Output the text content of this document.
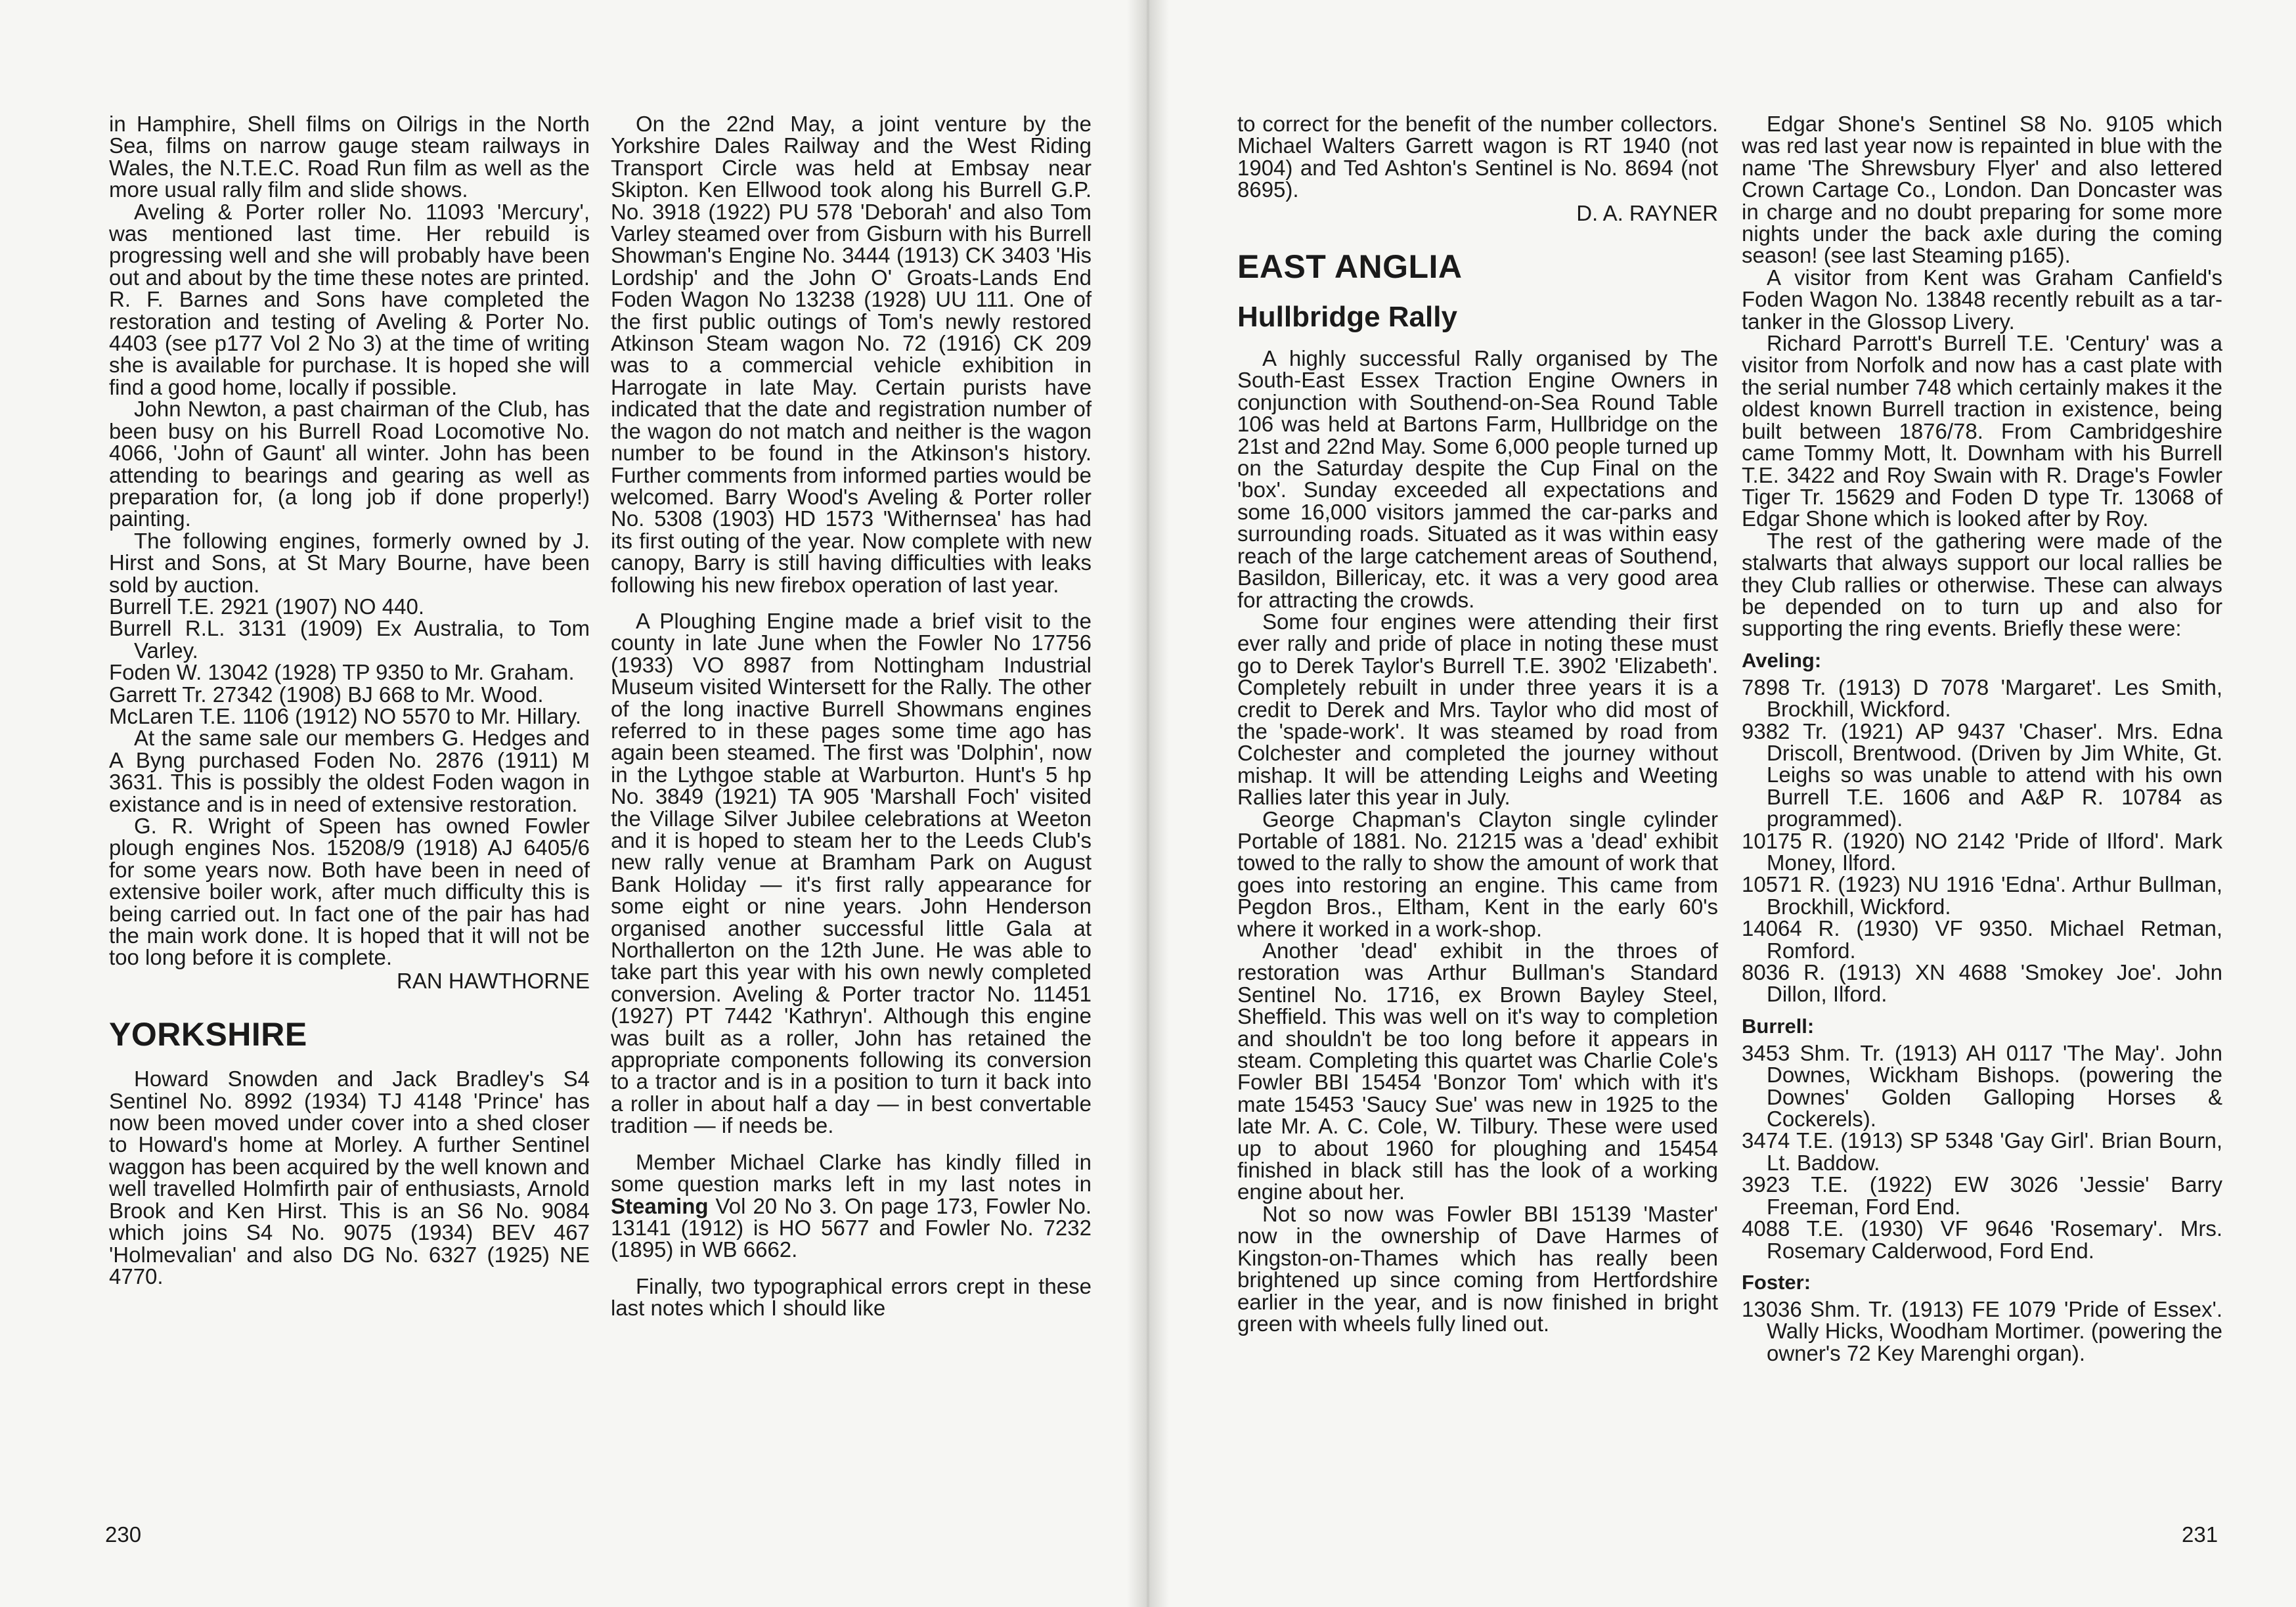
in Hamphire, Shell films on Oilrigs in the North Sea, films on narrow gauge steam railways in Wales, the N.T.E.C. Road Run film as well as the more usual rally film and slide shows.

Aveling & Porter roller No. 11093 'Mercury', was mentioned last time. Her rebuild is progressing well and she will probably have been out and about by the time these notes are printed. R. F. Barnes and Sons have completed the restoration and testing of Aveling & Porter No. 4403 (see p177 Vol 2 No 3) at the time of writing she is available for purchase. It is hoped she will find a good home, locally if possible.

John Newton, a past chairman of the Club, has been busy on his Burrell Road Locomotive No. 4066, 'John of Gaunt' all winter. John has been attending to bearings and gearing as well as preparation for, (a long job if done properly!) painting.

The following engines, formerly owned by J. Hirst and Sons, at St Mary Bourne, have been sold by auction.

Burrell T.E. 2921 (1907) NO 440.

Burrell R.L. 3131 (1909) Ex Australia, to Tom Varley.

Foden W. 13042 (1928) TP 9350 to Mr. Graham.

Garrett Tr. 27342 (1908) BJ 668 to Mr. Wood.

McLaren T.E. 1106 (1912) NO 5570 to Mr. Hillary.

At the same sale our members G. Hedges and A Byng purchased Foden No. 2876 (1911) M 3631. This is possibly the oldest Foden wagon in existance and is in need of extensive restoration.

G. R. Wright of Speen has owned Fowler plough engines Nos. 15208/9 (1918) AJ 6405/6 for some years now. Both have been in need of extensive boiler work, after much difficulty this is being carried out. In fact one of the pair has had the main work done. It is hoped that it will not be too long before it is complete.

RAN HAWTHORNE

YORKSHIRE

Howard Snowden and Jack Bradley's S4 Sentinel No. 8992 (1934) TJ 4148 'Prince' has now been moved under cover into a shed closer to Howard's home at Morley. A further Sentinel waggon has been acquired by the well known and well travelled Holmfirth pair of enthusiasts, Arnold Brook and Ken Hirst. This is an S6 No. 9084 which joins S4 No. 9075 (1934) BEV 467 'Holmevalian' and also DG No. 6327 (1925) NE 4770.

On the 22nd May, a joint venture by the Yorkshire Dales Railway and the West Riding Transport Circle was held at Embsay near Skipton. Ken Ellwood took along his Burrell G.P. No. 3918 (1922) PU 578 'Deborah' and also Tom Varley steamed over from Gisburn with his Burrell Showman's Engine No. 3444 (1913) CK 3403 'His Lordship' and the John O' Groats-Lands End Foden Wagon No 13238 (1928) UU 111. One of the first public outings of Tom's newly restored Atkinson Steam wagon No. 72 (1916) CK 209 was to a commercial vehicle exhibition in Harrogate in late May. Certain purists have indicated that the date and registration number of the wagon do not match and neither is the wagon number to be found in the Atkinson's history. Further comments from informed parties would be welcomed. Barry Wood's Aveling & Porter roller No. 5308 (1903) HD 1573 'Withernsea' has had its first outing of the year. Now complete with new canopy, Barry is still having difficulties with leaks following his new firebox operation of last year.

A Ploughing Engine made a brief visit to the county in late June when the Fowler No 17756 (1933) VO 8987 from Nottingham Industrial Museum visited Wintersett for the Rally. The other of the long inactive Burrell Showmans engines referred to in these pages some time ago has again been steamed. The first was 'Dolphin', now in the Lythgoe stable at Warburton. Hunt's 5 hp No. 3849 (1921) TA 905 'Marshall Foch' visited the Village Silver Jubilee celebrations at Weeton and it is hoped to steam her to the Leeds Club's new rally venue at Bramham Park on August Bank Holiday — it's first rally appearance for some eight or nine years. John Henderson organised another successful little Gala at Northallerton on the 12th June. He was able to take part this year with his own newly completed conversion. Aveling & Porter tractor No. 11451 (1927) PT 7442 'Kathryn'. Although this engine was built as a roller, John has retained the appropriate components following its conversion to a tractor and is in a position to turn it back into a roller in about half a day — in best convertable tradition — if needs be.

Member Michael Clarke has kindly filled in some question marks left in my last notes in Steaming Vol 20 No 3. On page 173, Fowler No. 13141 (1912) is HO 5677 and Fowler No. 7232 (1895) in WB 6662.

Finally, two typographical errors crept in these last notes which I should like

230

to correct for the benefit of the number collectors. Michael Walters Garrett wagon is RT 1940 (not 1904) and Ted Ashton's Sentinel is No. 8694 (not 8695).

D. A. RAYNER

EAST ANGLIA
Hullbridge Rally

A highly successful Rally organised by The South-East Essex Traction Engine Owners in conjunction with Southend-on-Sea Round Table 106 was held at Bartons Farm, Hullbridge on the 21st and 22nd May. Some 6,000 people turned up on the Saturday despite the Cup Final on the 'box'. Sunday exceeded all expectations and some 16,000 visitors jammed the car-parks and surrounding roads. Situated as it was within easy reach of the large catchement areas of Southend, Basildon, Billericay, etc. it was a very good area for attracting the crowds.

Some four engines were attending their first ever rally and pride of place in noting these must go to Derek Taylor's Burrell T.E. 3902 'Elizabeth'. Completely rebuilt in under three years it is a credit to Derek and Mrs. Taylor who did most of the 'spade-work'. It was steamed by road from Colchester and completed the journey without mishap. It will be attending Leighs and Weeting Rallies later this year in July.

George Chapman's Clayton single cylinder Portable of 1881. No. 21215 was a 'dead' exhibit towed to the rally to show the amount of work that goes into restoring an engine. This came from Pegdon Bros., Eltham, Kent in the early 60's where it worked in a work-shop.

Another 'dead' exhibit in the throes of restoration was Arthur Bullman's Standard Sentinel No. 1716, ex Brown Bayley Steel, Sheffield. This was well on it's way to completion and shouldn't be too long before it appears in steam. Completing this quartet was Charlie Cole's Fowler BBI 15454 'Bonzor Tom' which with it's mate 15453 'Saucy Sue' was new in 1925 to the late Mr. A. C. Cole, W. Tilbury. These were used up to about 1960 for ploughing and 15454 finished in black still has the look of a working engine about her.

Not so now was Fowler BBI 15139 'Master' now in the ownership of Dave Harmes of Kingston-on-Thames which has really been brightened up since coming from Hertfordshire earlier in the year, and is now finished in bright green with wheels fully lined out.

Edgar Shone's Sentinel S8 No. 9105 which was red last year now is repainted in blue with the name 'The Shrewsbury Flyer' and also lettered Crown Cartage Co., London. Dan Doncaster was in charge and no doubt preparing for some more nights under the back axle during the coming season! (see last Steaming p165).

A visitor from Kent was Graham Canfield's Foden Wagon No. 13848 recently rebuilt as a tar-tanker in the Glossop Livery.

Richard Parrott's Burrell T.E. 'Century' was a visitor from Norfolk and now has a cast plate with the serial number 748 which certainly makes it the oldest known Burrell traction in existence, being built between 1876/78. From Cambridgeshire came Tommy Mott, lt. Downham with his Burrell T.E. 3422 and Roy Swain with R. Drage's Fowler Tiger Tr. 15629 and Foden D type Tr. 13068 of Edgar Shone which is looked after by Roy.

The rest of the gathering were made of the stalwarts that always support our local rallies be they Club rallies or otherwise. These can always be depended on to turn up and also for supporting the ring events. Briefly these were:

Aveling:

7898 Tr. (1913) D 7078 'Margaret'. Les Smith, Brockhill, Wickford.

9382 Tr. (1921) AP 9437 'Chaser'. Mrs. Edna Driscoll, Brentwood. (Driven by Jim White, Gt. Leighs so was unable to attend with his own Burrell T.E. 1606 and A&P R. 10784 as programmed).

10175 R. (1920) NO 2142 'Pride of Ilford'. Mark Money, Ilford.

10571 R. (1923) NU 1916 'Edna'. Arthur Bullman, Brockhill, Wickford.

14064 R. (1930) VF 9350. Michael Retman, Romford.

8036 R. (1913) XN 4688 'Smokey Joe'. John Dillon, Ilford.

Burrell:

3453 Shm. Tr. (1913) AH 0117 'The May'. John Downes, Wickham Bishops. (powering the Downes' Golden Galloping Horses & Cockerels).

3474 T.E. (1913) SP 5348 'Gay Girl'. Brian Bourn, Lt. Baddow.

3923 T.E. (1922) EW 3026 'Jessie' Barry Freeman, Ford End.

4088 T.E. (1930) VF 9646 'Rosemary'. Mrs. Rosemary Calderwood, Ford End.

Foster:

13036 Shm. Tr. (1913) FE 1079 'Pride of Essex'. Wally Hicks, Woodham Mortimer. (powering the owner's 72 Key Marenghi organ).

231
